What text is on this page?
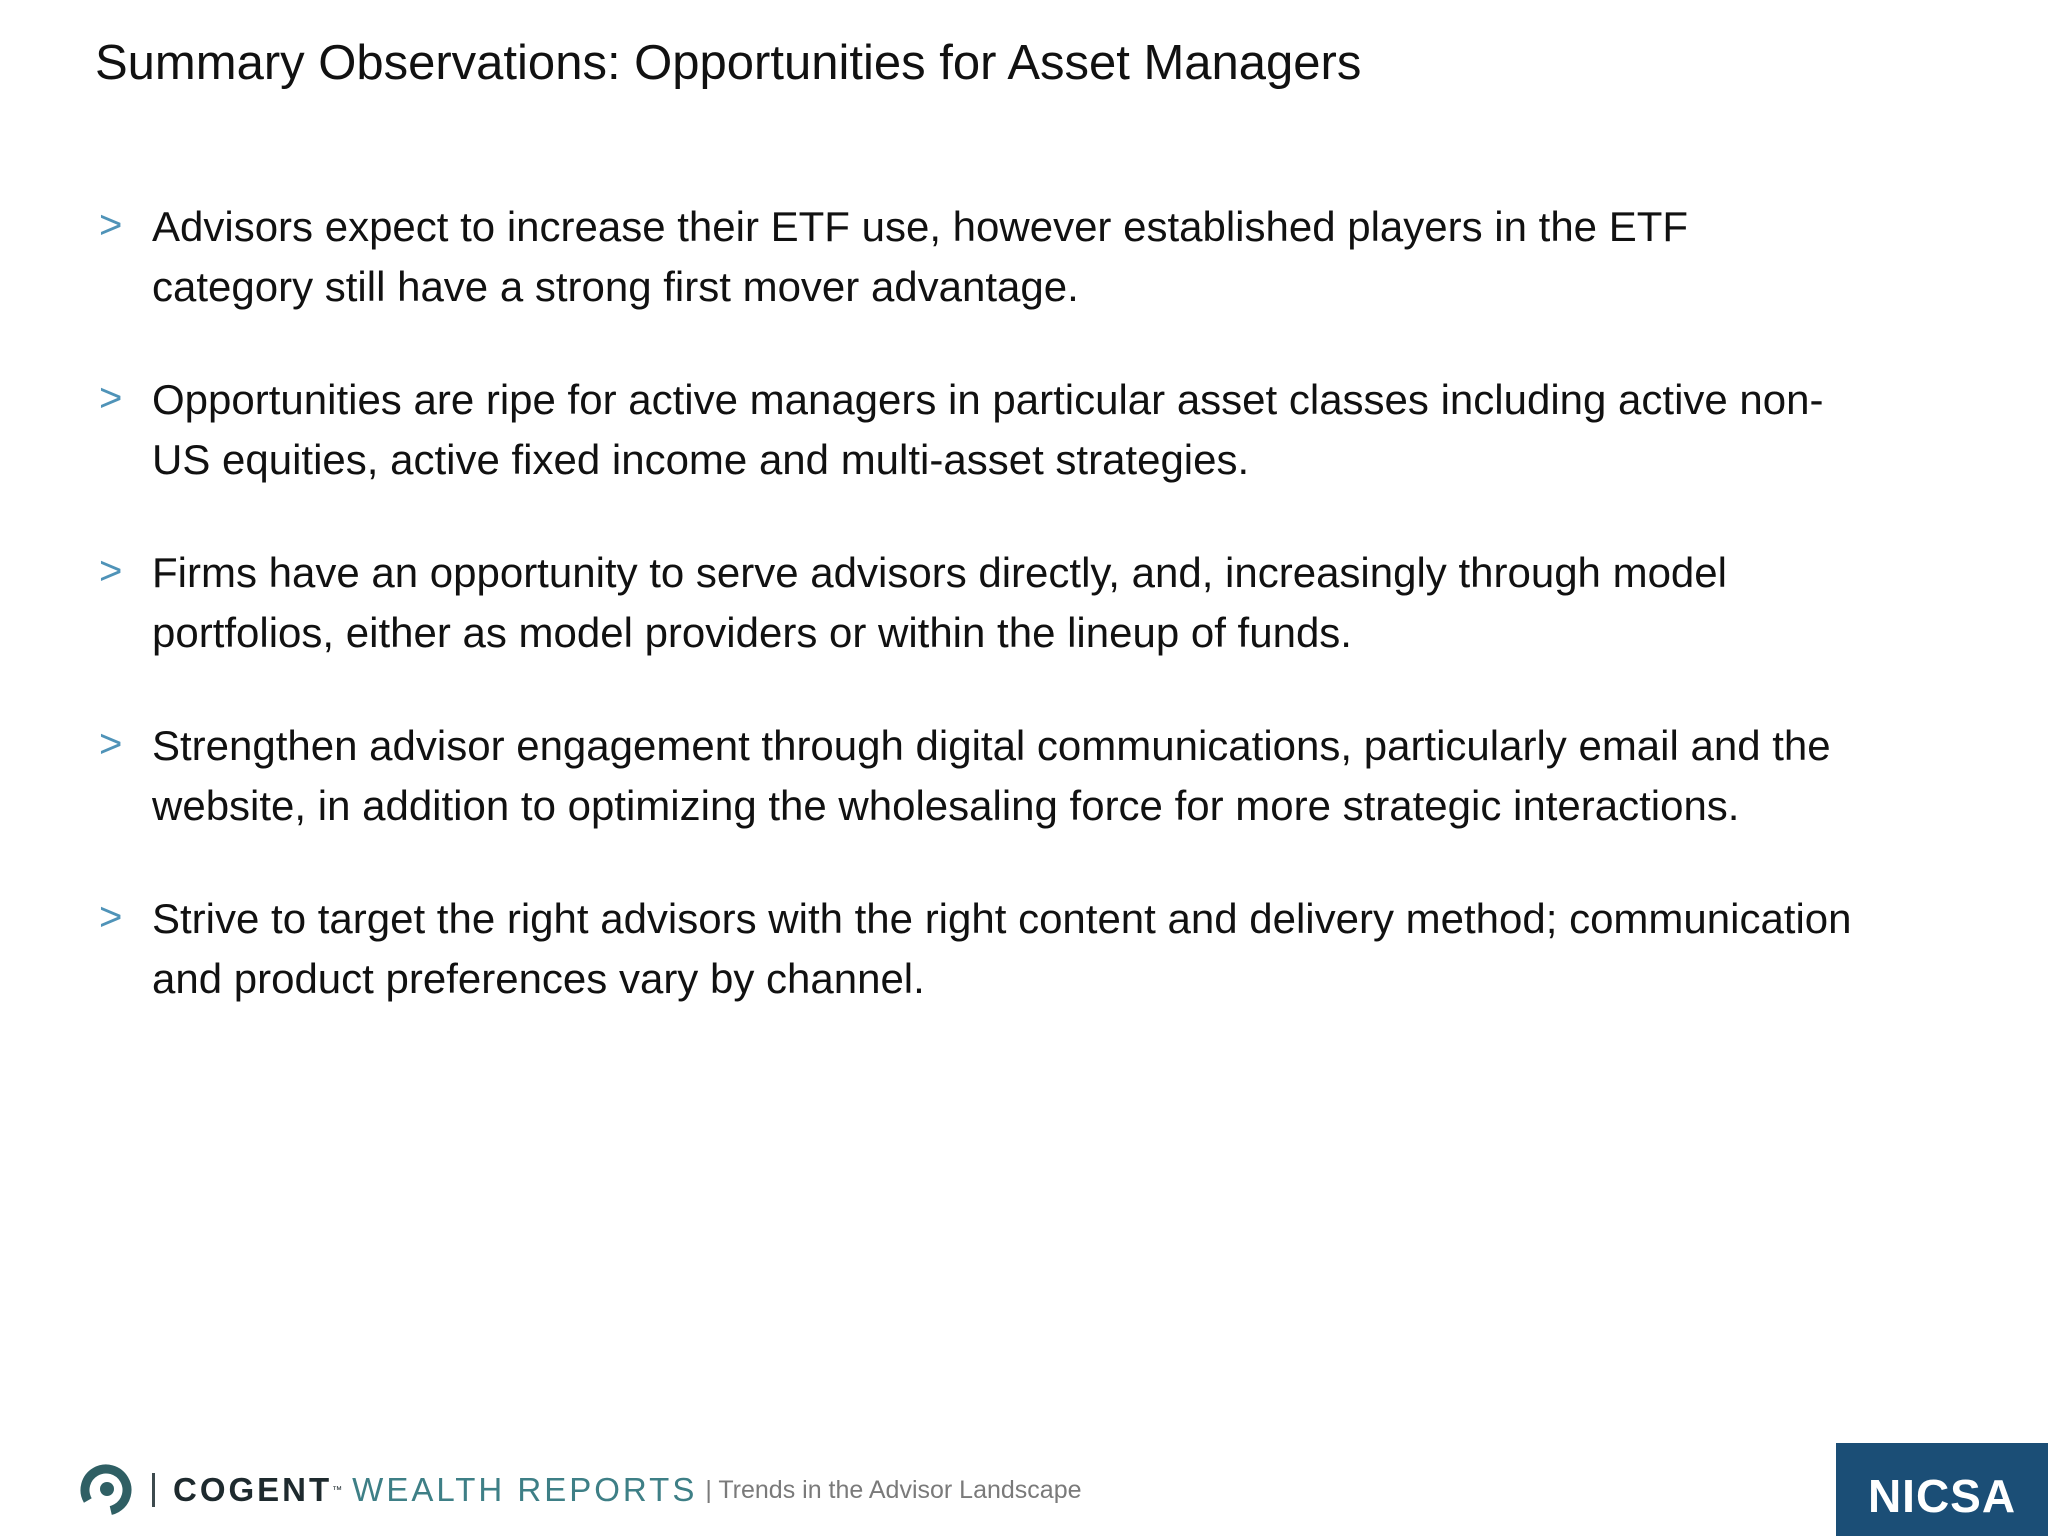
Summary Observations: Opportunities for Asset Managers
> Advisors expect to increase their ETF use, however established players in the ETF
category still have a strong first mover advantage.
> Opportunities are ripe for active managers in particular asset classes including active non-
US equities, active fixed income and multi-asset strategies.
> Firms have an opportunity to serve advisors directly, and, increasingly through model
portfolios, either as model providers or within the lineup of funds.
> Strengthen advisor engagement through digital communications, particularly email and the
website, in addition to optimizing the wholesaling force for more strategic interactions.
> Strive to target the right advisors with the right content and delivery method; communication
and product preferences vary by channel.
COGENT ™ WEALTH REPORTS | Trends in the Advisor Landscape	NICSA
